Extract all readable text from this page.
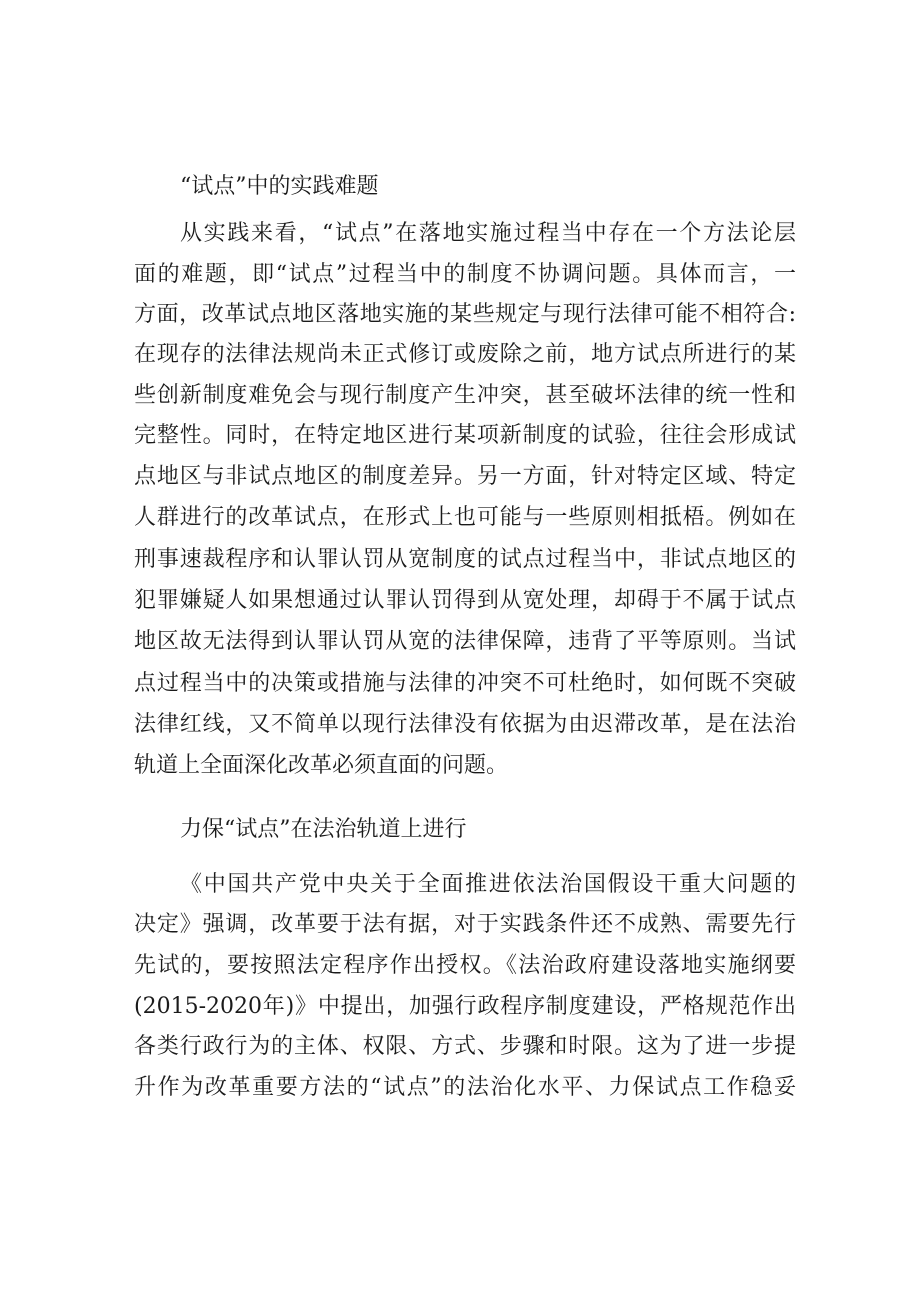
“试点”中的实践难题
从实践来看，“试点”在落地实施过程当中存在一个方法论层
面的难题，即“试点”过程当中的制度不协调问题。具体而言，一
方面，改革试点地区落地实施的某些规定与现行法律可能不相符合:
在现存的法律法规尚未正式修订或废除之前，地方试点所进行的某
些创新制度难免会与现行制度产生冲突，甚至破坏法律的统一性和
完整性。同时，在特定地区进行某项新制度的试验，往往会形成试
点地区与非试点地区的制度差异。另一方面，针对特定区域、特定
人群进行的改革试点，在形式上也可能与一些原则相抵梧。例如在
刑事速裁程序和认罪认罚从宽制度的试点过程当中，非试点地区的
犯罪嫌疑人如果想通过认罪认罚得到从宽处理，却碍于不属于试点
地区故无法得到认罪认罚从宽的法律保障，违背了平等原则。当试
点过程当中的决策或措施与法律的冲突不可杜绝时，如何既不突破
法律红线，又不简单以现行法律没有依据为由迟滞改革，是在法治
轨道上全面深化改革必须直面的问题。
力保“试点”在法治轨道上进行
《中国共产党中央关于全面推进依法治国假设干重大问题的
决定》强调，改革要于法有据，对于实践条件还不成熟、需要先行
先试的，要按照法定程序作出授权。《法治政府建设落地实施纲要
(2015-2020年)》中提出，加强行政程序制度建设，严格规范作出
各类行政行为的主体、权限、方式、步骤和时限。这为了进一步提
升作为改革重要方法的“试点”的法治化水平、力保试点工作稳妥
